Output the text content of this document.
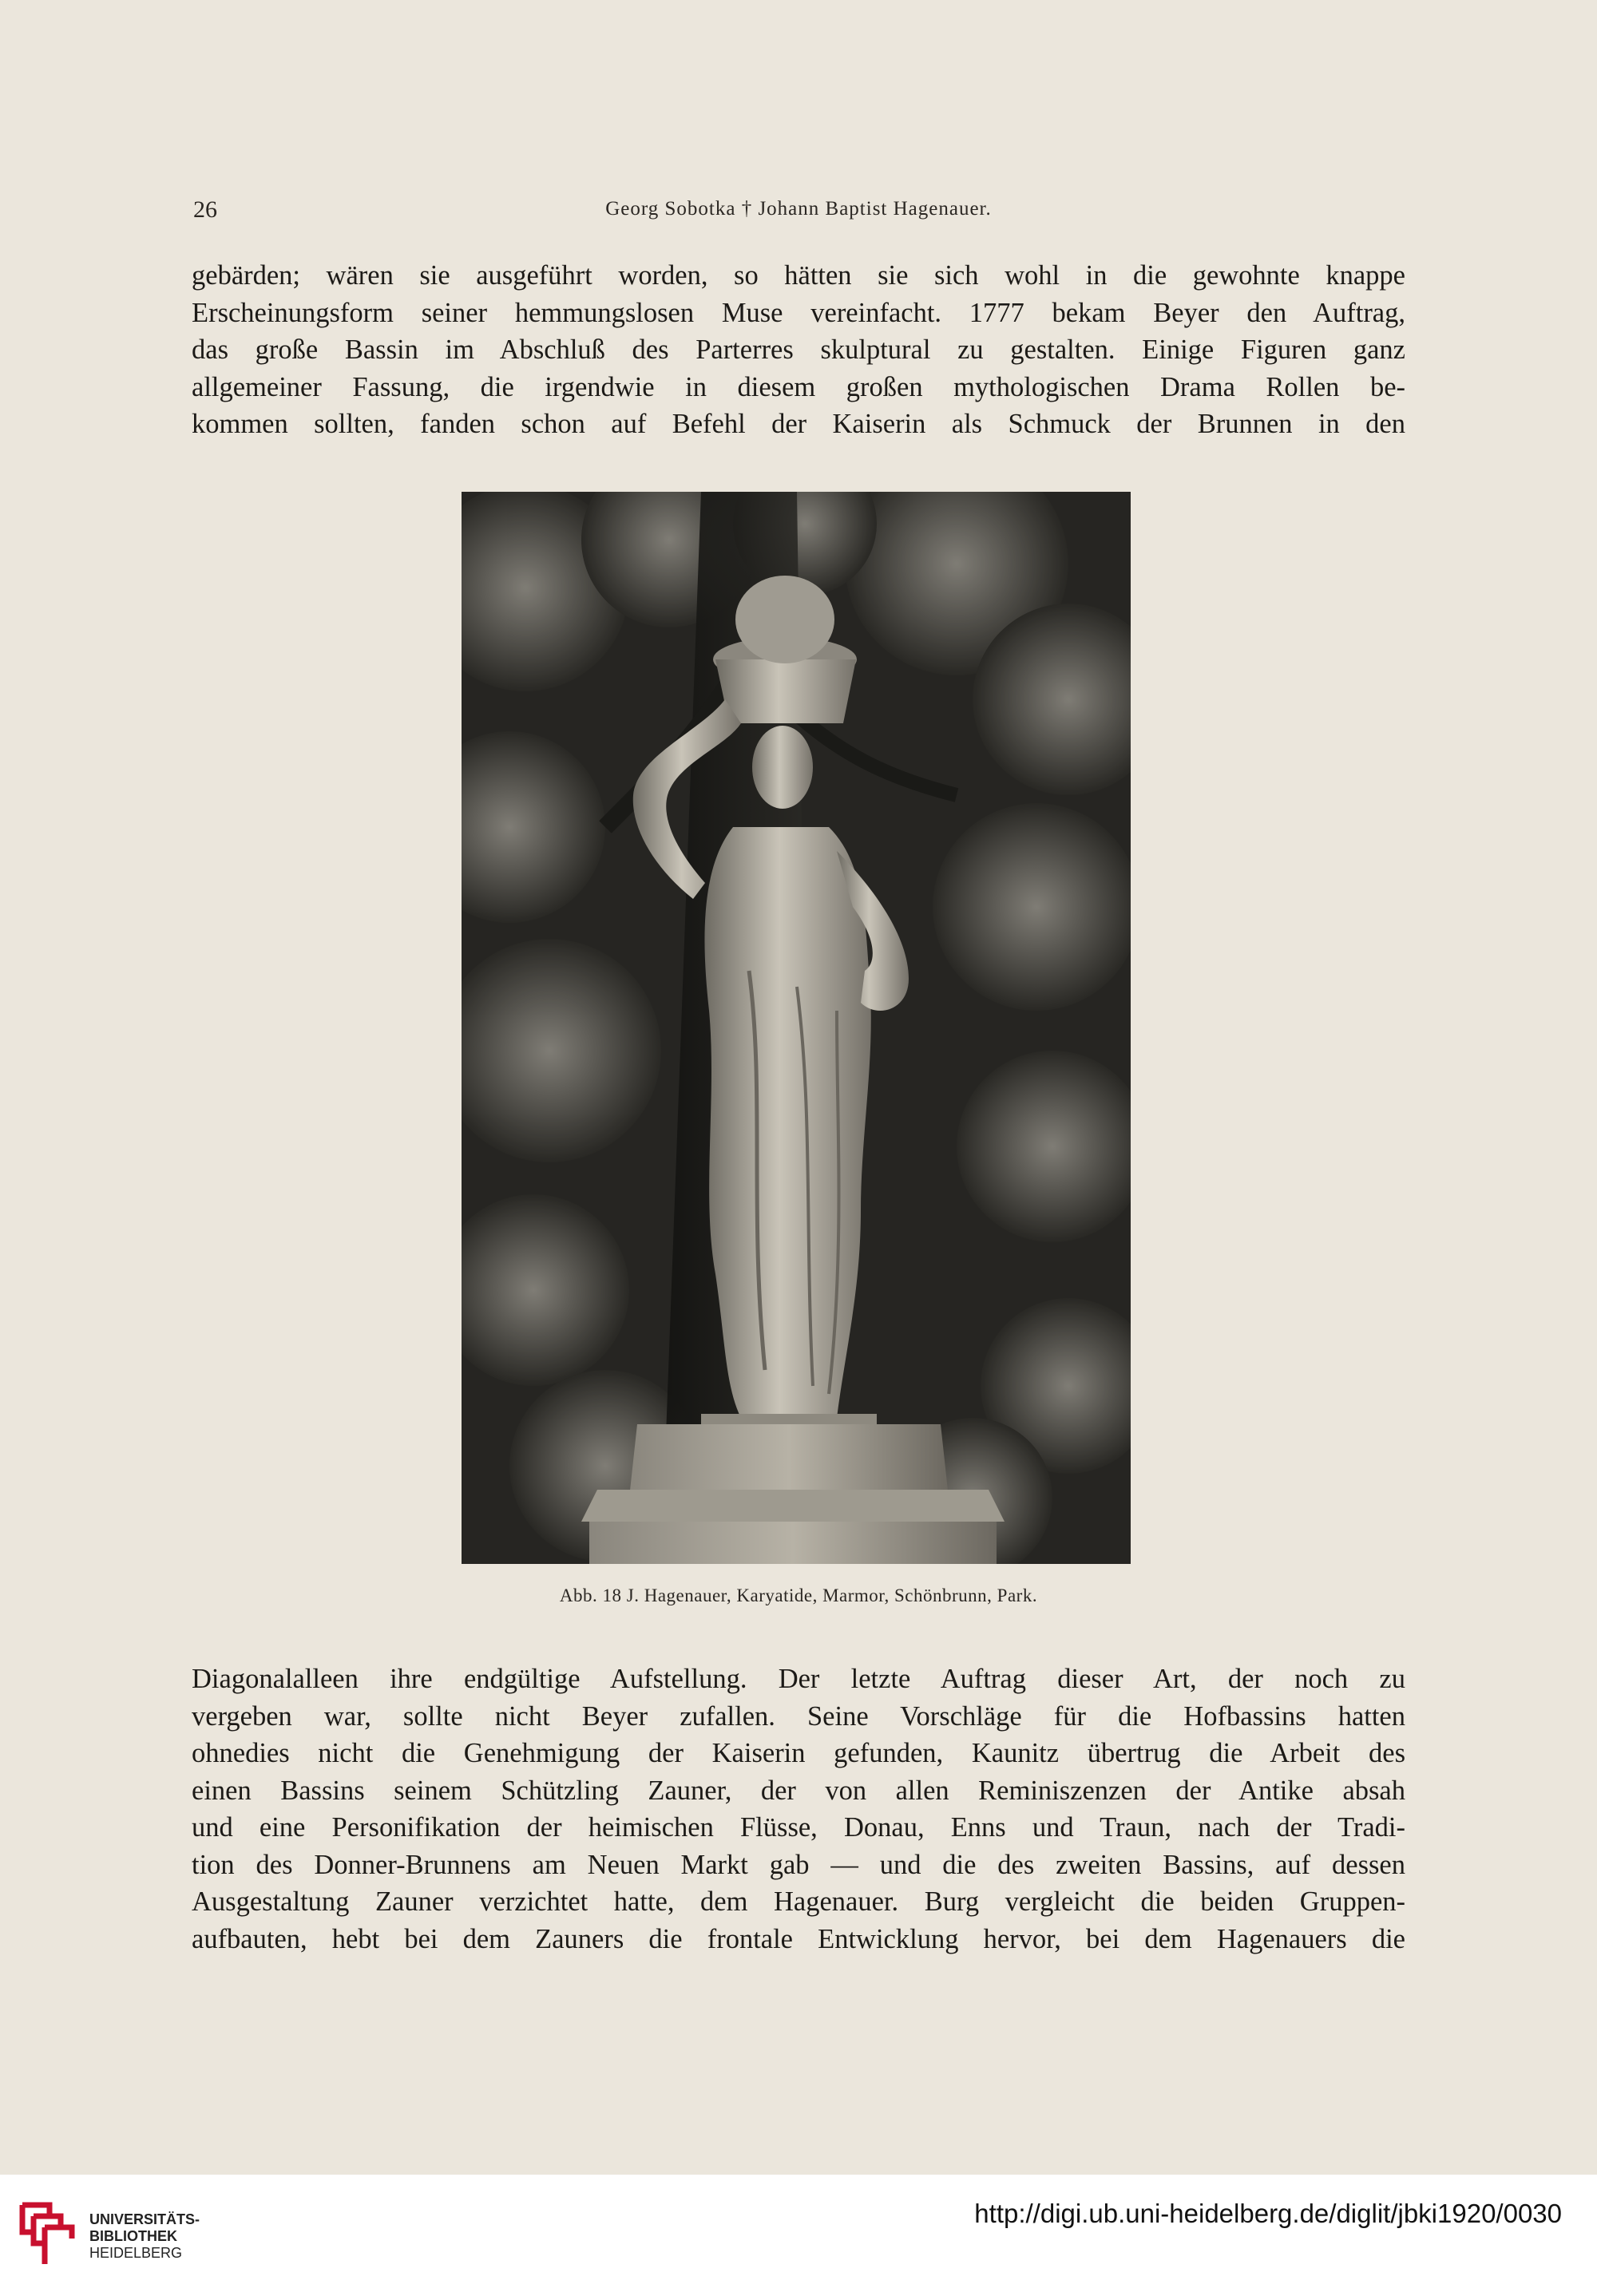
26	Georg Sobotka † Johann Baptist Hagenauer.
gebärden; wären sie ausgeführt worden, so hätten sie sich wohl in die gewohnte knappe
Erscheinungsform seiner hemmungslosen Muse vereinfacht. 1777 bekam Beyer den Auftrag,
das große Bassin im Abschluß des Parterres skulptural zu gestalten. Einige Figuren ganz
allgemeiner Fassung, die irgendwie in diesem großen mythologischen Drama Rollen be-
kommen sollten, fanden schon auf Befehl der Kaiserin als Schmuck der Brunnen in den
Abb. 18 J. Hagenauer, Karyatide, Marmor, Schönbrunn, Park.
Diagonalalleen ihre endgültige Aufstellung. Der letzte Auftrag dieser Art, der noch zu
vergeben war, sollte nicht Beyer zufallen. Seine Vorschläge für die Hofbassins hatten
ohnedies nicht die Genehmigung der Kaiserin gefunden, Kaunitz übertrug die Arbeit des
einen Bassins seinem Schützling Zauner, der von allen Reminiszenzen der Antike absah
und eine Personifikation der heimischen Flüsse, Donau, Enns und Traun, nach der Tradi-
tion des Donner-Brunnens am Neuen Markt gab — und die des zweiten Bassins, auf dessen
Ausgestaltung Zauner verzichtet hatte, dem Hagenauer. Burg vergleicht die beiden Gruppen-
aufbauten, hebt bei dem Zauners die frontale Entwicklung hervor, bei dem Hagenauers die
UNIVERSITÄTS-
BIBLIOTHEK
HEIDELBERG
http://digi.ub.uni-heidelberg.de/diglit/jbki1920/0030
